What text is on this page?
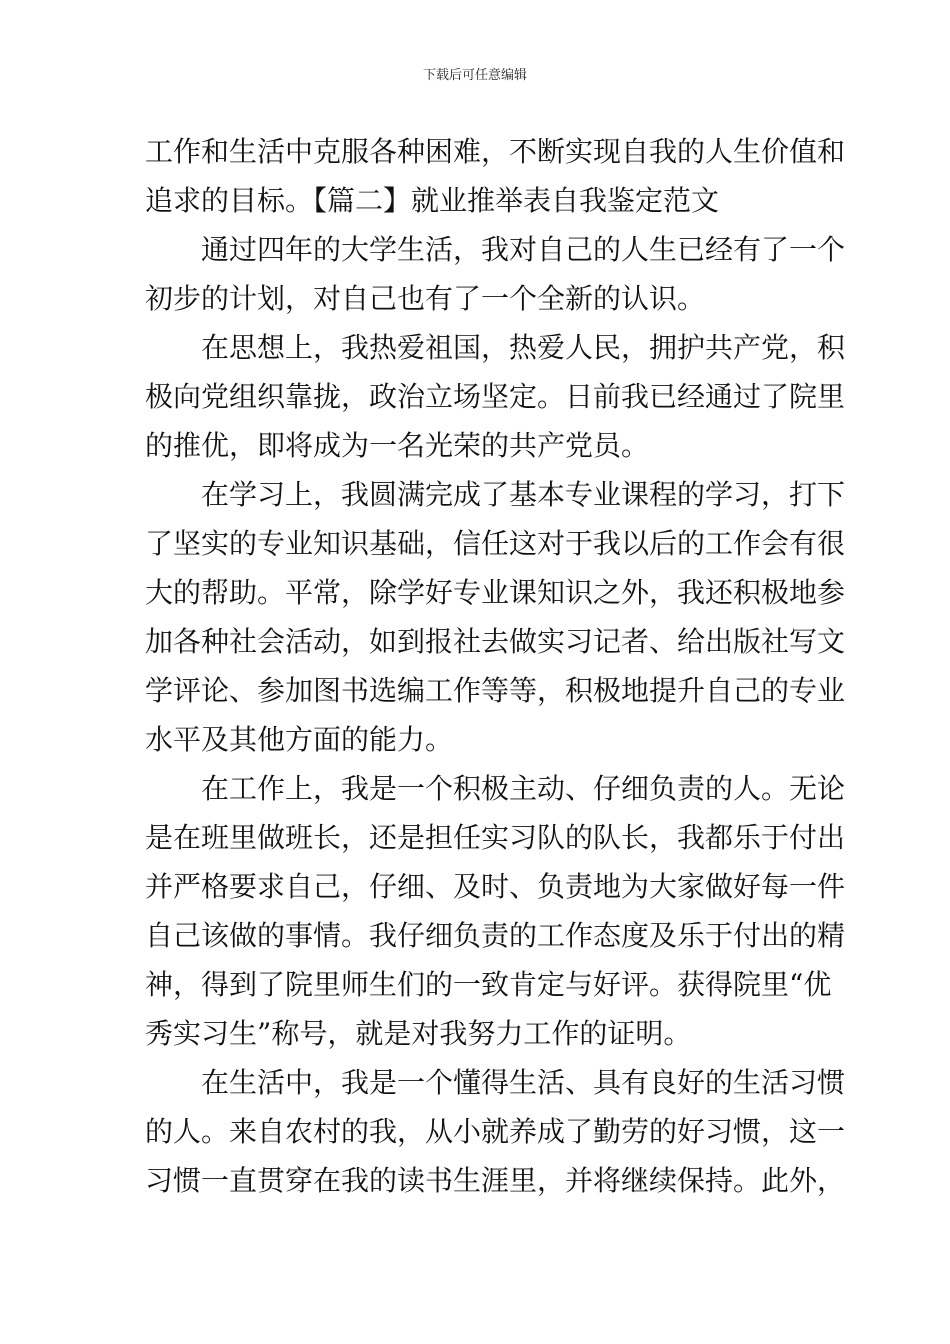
下载后可任意编辑
工作和生活中克服各种困难，不断实现自我的人生价值和
追求的目标。【篇二】就业推举表自我鉴定范文
通过四年的大学生活，我对自己的人生已经有了一个
初步的计划，对自己也有了一个全新的认识。
在思想上，我热爱祖国，热爱人民，拥护共产党，积
极向党组织靠拢，政治立场坚定。日前我已经通过了院里
的推优，即将成为一名光荣的共产党员。
在学习上，我圆满完成了基本专业课程的学习，打下
了坚实的专业知识基础，信任这对于我以后的工作会有很
大的帮助。平常，除学好专业课知识之外，我还积极地参
加各种社会活动，如到报社去做实习记者、给出版社写文
学评论、参加图书选编工作等等，积极地提升自己的专业
水平及其他方面的能力。
在工作上，我是一个积极主动、仔细负责的人。无论
是在班里做班长，还是担任实习队的队长，我都乐于付出
并严格要求自己，仔细、及时、负责地为大家做好每一件
自己该做的事情。我仔细负责的工作态度及乐于付出的精
神，得到了院里师生们的一致肯定与好评。获得院里“优
秀实习生”称号，就是对我努力工作的证明。
在生活中，我是一个懂得生活、具有良好的生活习惯
的人。来自农村的我，从小就养成了勤劳的好习惯，这一
习惯一直贯穿在我的读书生涯里，并将继续保持。此外，
